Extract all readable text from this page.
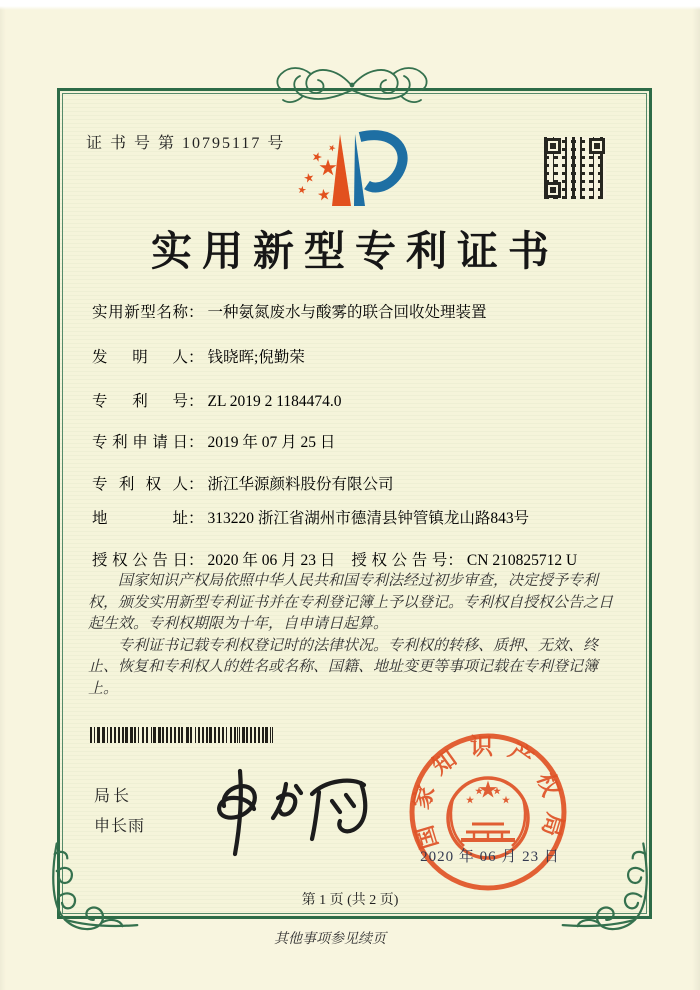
证 书 号 第 10795117 号
实用新型专利证书
实用新型名称： 一种氨氮废水与酸雾的联合回收处理装置
发明人： 钱晓晖;倪勤荣
专利号： ZL 2019 2 1184474.0
专利申请日： 2019 年 07 月 25 日
专利权人： 浙江华源颜料股份有限公司
地址： 313220 浙江省湖州市德清县钟管镇龙山路843号
授权公告日： 2020 年 06 月 23 日 授权公告号： CN 210825712 U

国家知识产权局依照中华人民共和国专利法经过初步审查，决定授予专利权，颁发实用新型专利证书并在专利登记簿上予以登记。专利权自授权公告之日起生效。专利权期限为十年，自申请日起算。

专利证书记载专利权登记时的法律状况。专利权的转移、质押、无效、终止、恢复和专利权人的姓名或名称、国籍、地址变更等事项记载在专利登记簿上。

局长
申长雨	国家知识产权局
2020 年 06 月 23 日
第 1 页 (共 2 页)
其他事项参见续页
